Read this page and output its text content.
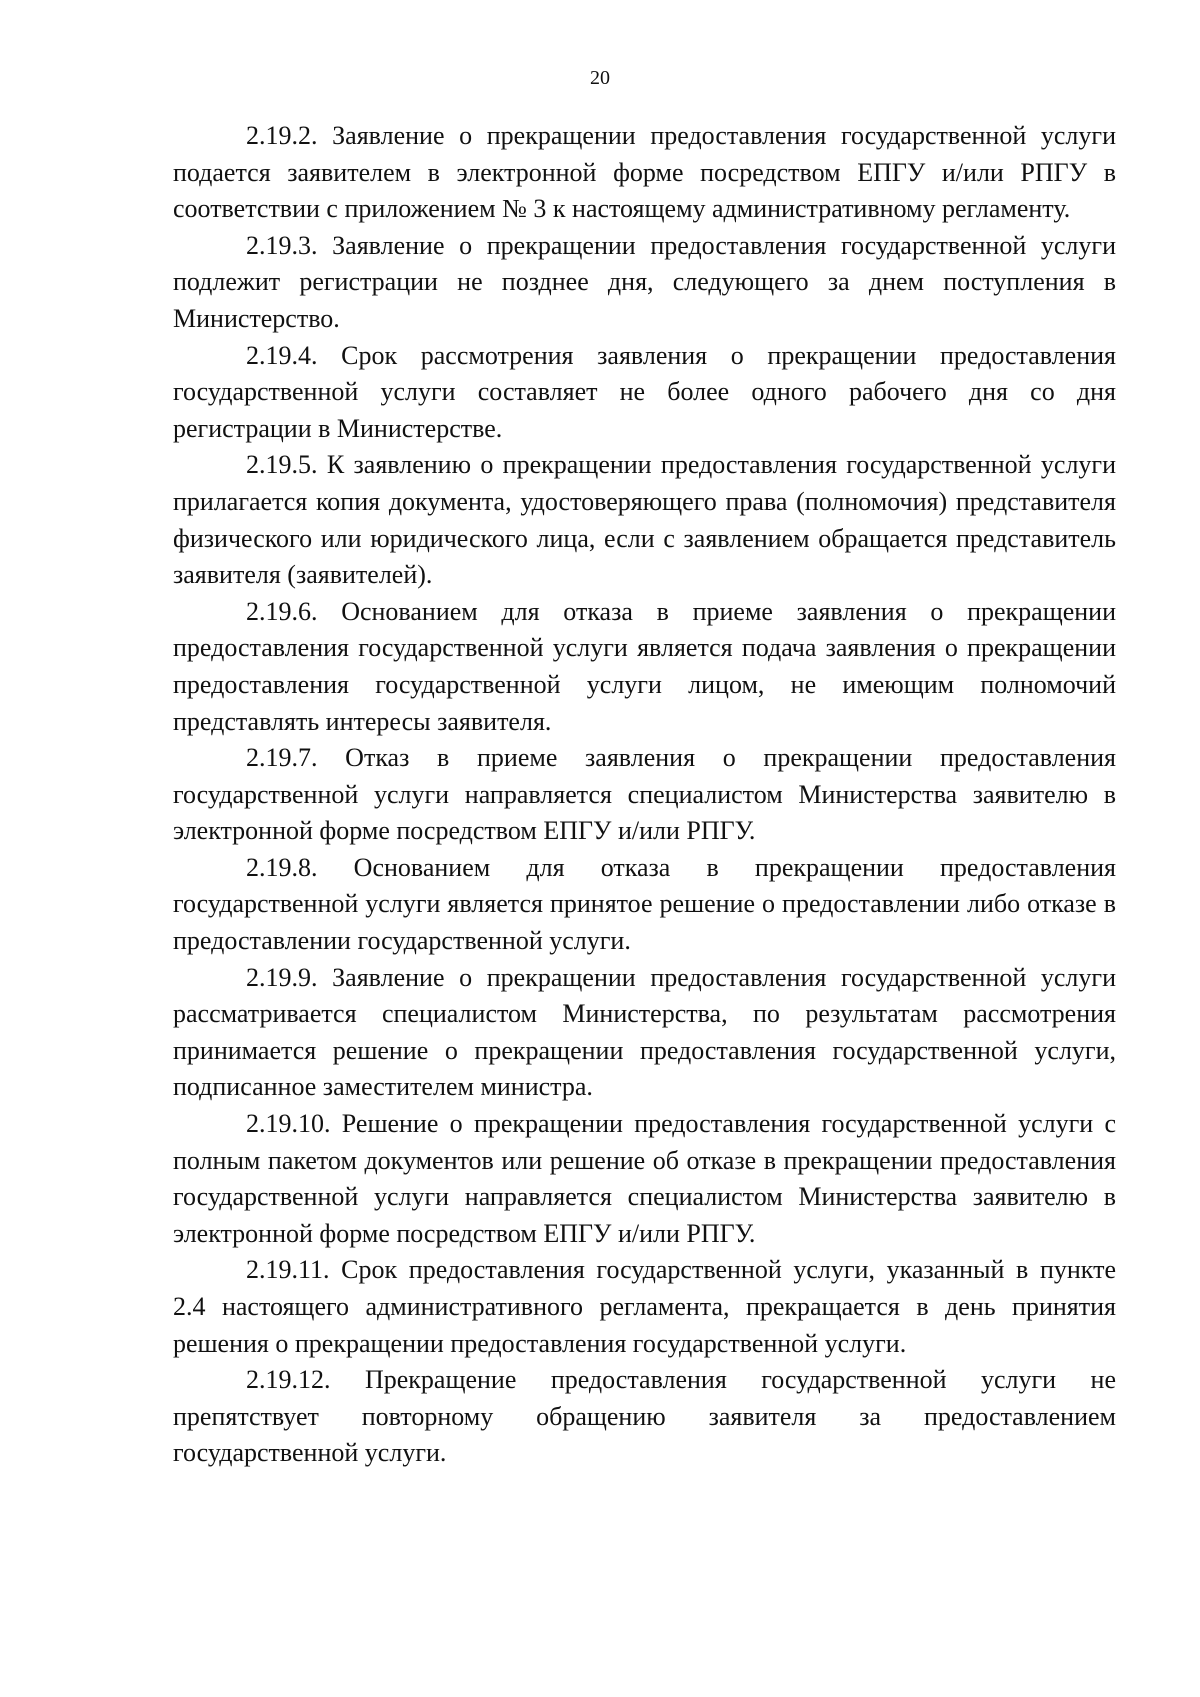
20

2.19.2. Заявление о прекращении предоставления государственной услуги подается заявителем в электронной форме посредством ЕПГУ и/или РПГУ в соответствии с приложением № 3 к настоящему административному регламенту.

2.19.3. Заявление о прекращении предоставления государственной услуги подлежит регистрации не позднее дня, следующего за днем поступления в Министерство.

2.19.4. Срок рассмотрения заявления о прекращении предоставления государственной услуги составляет не более одного рабочего дня со дня регистрации в Министерстве.

2.19.5. К заявлению о прекращении предоставления государственной услуги прилагается копия документа, удостоверяющего права (полномочия) представителя физического или юридического лица, если с заявлением обращается представитель заявителя (заявителей).

2.19.6. Основанием для отказа в приеме заявления о прекращении предоставления государственной услуги является подача заявления о прекращении предоставления государственной услуги лицом, не имеющим полномочий представлять интересы заявителя.

2.19.7. Отказ в приеме заявления о прекращении предоставления государственной услуги направляется специалистом Министерства заявителю в электронной форме посредством ЕПГУ и/или РПГУ.

2.19.8. Основанием для отказа в прекращении предоставления государственной услуги является принятое решение о предоставлении либо отказе в предоставлении государственной услуги.

2.19.9. Заявление о прекращении предоставления государственной услуги рассматривается специалистом Министерства, по результатам рассмотрения принимается решение о прекращении предоставления государственной услуги, подписанное заместителем министра.

2.19.10. Решение о прекращении предоставления государственной услуги с полным пакетом документов или решение об отказе в прекращении предоставления государственной услуги направляется специалистом Министерства заявителю в электронной форме посредством ЕПГУ и/или РПГУ.

2.19.11. Срок предоставления государственной услуги, указанный в пункте 2.4 настоящего административного регламента, прекращается в день принятия решения о прекращении предоставления государственной услуги.

2.19.12. Прекращение предоставления государственной услуги не препятствует повторному обращению заявителя за предоставлением государственной услуги.
